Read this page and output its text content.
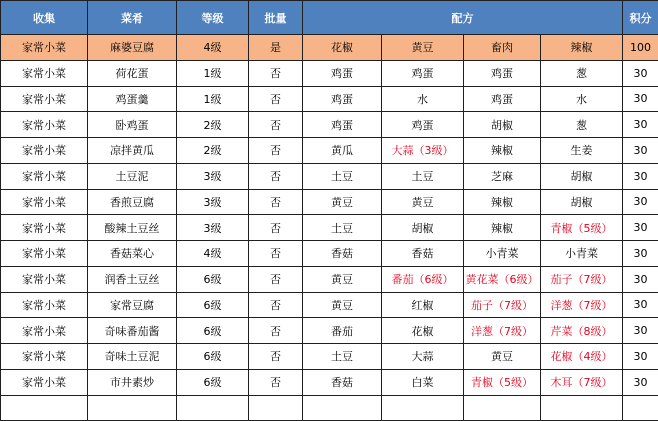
收集	菜肴	等级	批量	配方				积分
家常小菜	麻婆豆腐	4级	是	花椒	黄豆	畜肉	辣椒	100
家常小菜	荷花蛋	1级	否	鸡蛋	鸡蛋	鸡蛋	葱	30
家常小菜	鸡蛋羹	1级	否	鸡蛋	水	鸡蛋	水	30
家常小菜	卧鸡蛋	2级	否	鸡蛋	鸡蛋	胡椒	葱	30
家常小菜	凉拌黄瓜	2级	否	黄瓜	大蒜（3级）	辣椒	生姜	30
家常小菜	土豆泥	3级	否	土豆	土豆	芝麻	胡椒	30
家常小菜	香煎豆腐	3级	否	黄豆	黄豆	辣椒	胡椒	30
家常小菜	酸辣土豆丝	3级	否	土豆	胡椒	辣椒	青椒（5级）	30
家常小菜	香菇菜心	4级	否	香菇	香菇	小青菜	小青菜	30
家常小菜	润香土豆丝	6级	否	黄豆	番茄（6级）	黄花菜（6级）	茄子（7级）	30
家常小菜	家常豆腐	6级	否	黄豆	红椒	茄子（7级）	洋葱（7级）	30
家常小菜	奇味番茄酱	6级	否	番茄	花椒	洋葱（7级）	芹菜（8级）	30
家常小菜	奇味土豆泥	6级	否	土豆	大蒜	黄豆	花椒（4级）	30
家常小菜	市井素炒	6级	否	香菇	白菜	青椒（5级）	木耳（7级）	30
